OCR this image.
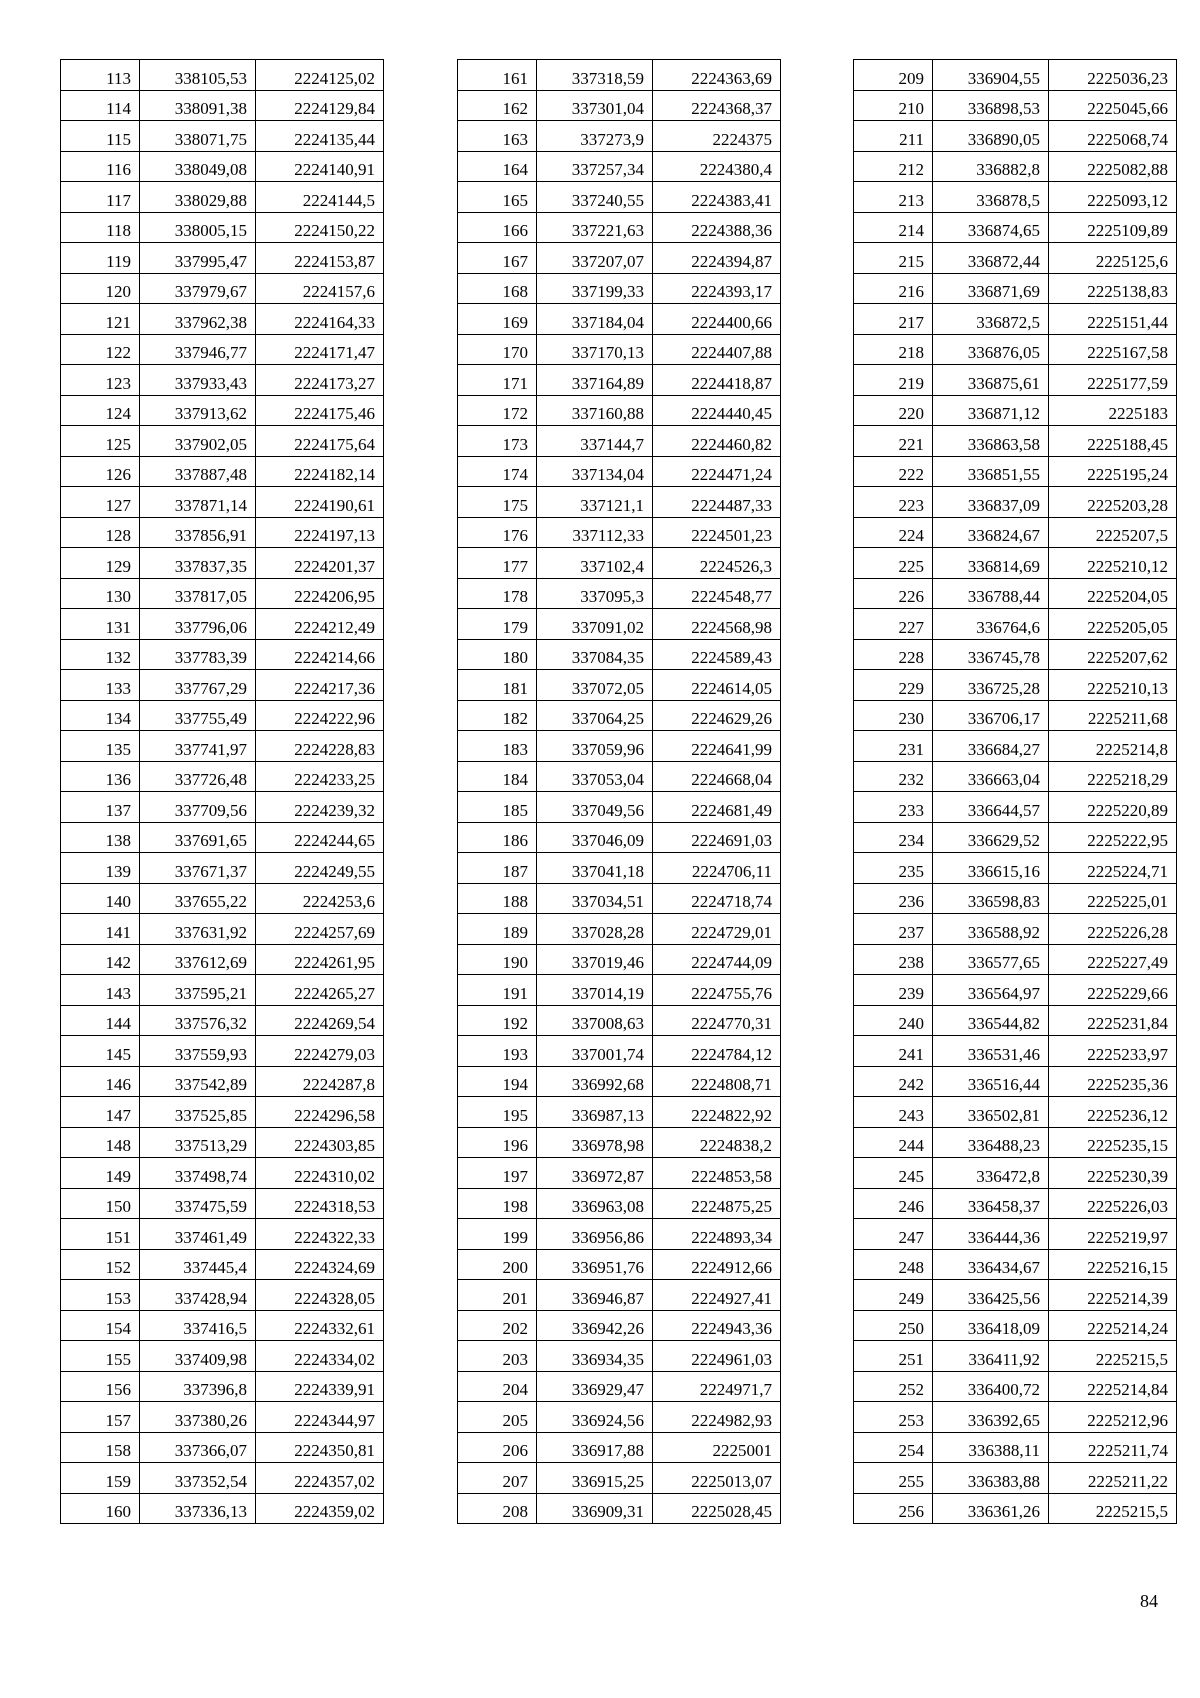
113	338105,53	2224125,02
114	338091,38	2224129,84
115	338071,75	2224135,44
116	338049,08	2224140,91
117	338029,88	2224144,5
118	338005,15	2224150,22
119	337995,47	2224153,87
120	337979,67	2224157,6
121	337962,38	2224164,33
122	337946,77	2224171,47
123	337933,43	2224173,27
124	337913,62	2224175,46
125	337902,05	2224175,64
126	337887,48	2224182,14
127	337871,14	2224190,61
128	337856,91	2224197,13
129	337837,35	2224201,37
130	337817,05	2224206,95
131	337796,06	2224212,49
132	337783,39	2224214,66
133	337767,29	2224217,36
134	337755,49	2224222,96
135	337741,97	2224228,83
136	337726,48	2224233,25
137	337709,56	2224239,32
138	337691,65	2224244,65
139	337671,37	2224249,55
140	337655,22	2224253,6
141	337631,92	2224257,69
142	337612,69	2224261,95
143	337595,21	2224265,27
144	337576,32	2224269,54
145	337559,93	2224279,03
146	337542,89	2224287,8
147	337525,85	2224296,58
148	337513,29	2224303,85
149	337498,74	2224310,02
150	337475,59	2224318,53
151	337461,49	2224322,33
152	337445,4	2224324,69
153	337428,94	2224328,05
154	337416,5	2224332,61
155	337409,98	2224334,02
156	337396,8	2224339,91
157	337380,26	2224344,97
158	337366,07	2224350,81
159	337352,54	2224357,02
160	337336,13	2224359,02
161	337318,59	2224363,69
162	337301,04	2224368,37
163	337273,9	2224375
164	337257,34	2224380,4
165	337240,55	2224383,41
166	337221,63	2224388,36
167	337207,07	2224394,87
168	337199,33	2224393,17
169	337184,04	2224400,66
170	337170,13	2224407,88
171	337164,89	2224418,87
172	337160,88	2224440,45
173	337144,7	2224460,82
174	337134,04	2224471,24
175	337121,1	2224487,33
176	337112,33	2224501,23
177	337102,4	2224526,3
178	337095,3	2224548,77
179	337091,02	2224568,98
180	337084,35	2224589,43
181	337072,05	2224614,05
182	337064,25	2224629,26
183	337059,96	2224641,99
184	337053,04	2224668,04
185	337049,56	2224681,49
186	337046,09	2224691,03
187	337041,18	2224706,11
188	337034,51	2224718,74
189	337028,28	2224729,01
190	337019,46	2224744,09
191	337014,19	2224755,76
192	337008,63	2224770,31
193	337001,74	2224784,12
194	336992,68	2224808,71
195	336987,13	2224822,92
196	336978,98	2224838,2
197	336972,87	2224853,58
198	336963,08	2224875,25
199	336956,86	2224893,34
200	336951,76	2224912,66
201	336946,87	2224927,41
202	336942,26	2224943,36
203	336934,35	2224961,03
204	336929,47	2224971,7
205	336924,56	2224982,93
206	336917,88	2225001
207	336915,25	2225013,07
208	336909,31	2225028,45
209	336904,55	2225036,23
210	336898,53	2225045,66
211	336890,05	2225068,74
212	336882,8	2225082,88
213	336878,5	2225093,12
214	336874,65	2225109,89
215	336872,44	2225125,6
216	336871,69	2225138,83
217	336872,5	2225151,44
218	336876,05	2225167,58
219	336875,61	2225177,59
220	336871,12	2225183
221	336863,58	2225188,45
222	336851,55	2225195,24
223	336837,09	2225203,28
224	336824,67	2225207,5
225	336814,69	2225210,12
226	336788,44	2225204,05
227	336764,6	2225205,05
228	336745,78	2225207,62
229	336725,28	2225210,13
230	336706,17	2225211,68
231	336684,27	2225214,8
232	336663,04	2225218,29
233	336644,57	2225220,89
234	336629,52	2225222,95
235	336615,16	2225224,71
236	336598,83	2225225,01
237	336588,92	2225226,28
238	336577,65	2225227,49
239	336564,97	2225229,66
240	336544,82	2225231,84
241	336531,46	2225233,97
242	336516,44	2225235,36
243	336502,81	2225236,12
244	336488,23	2225235,15
245	336472,8	2225230,39
246	336458,37	2225226,03
247	336444,36	2225219,97
248	336434,67	2225216,15
249	336425,56	2225214,39
250	336418,09	2225214,24
251	336411,92	2225215,5
252	336400,72	2225214,84
253	336392,65	2225212,96
254	336388,11	2225211,74
255	336383,88	2225211,22
256	336361,26	2225215,5
84
